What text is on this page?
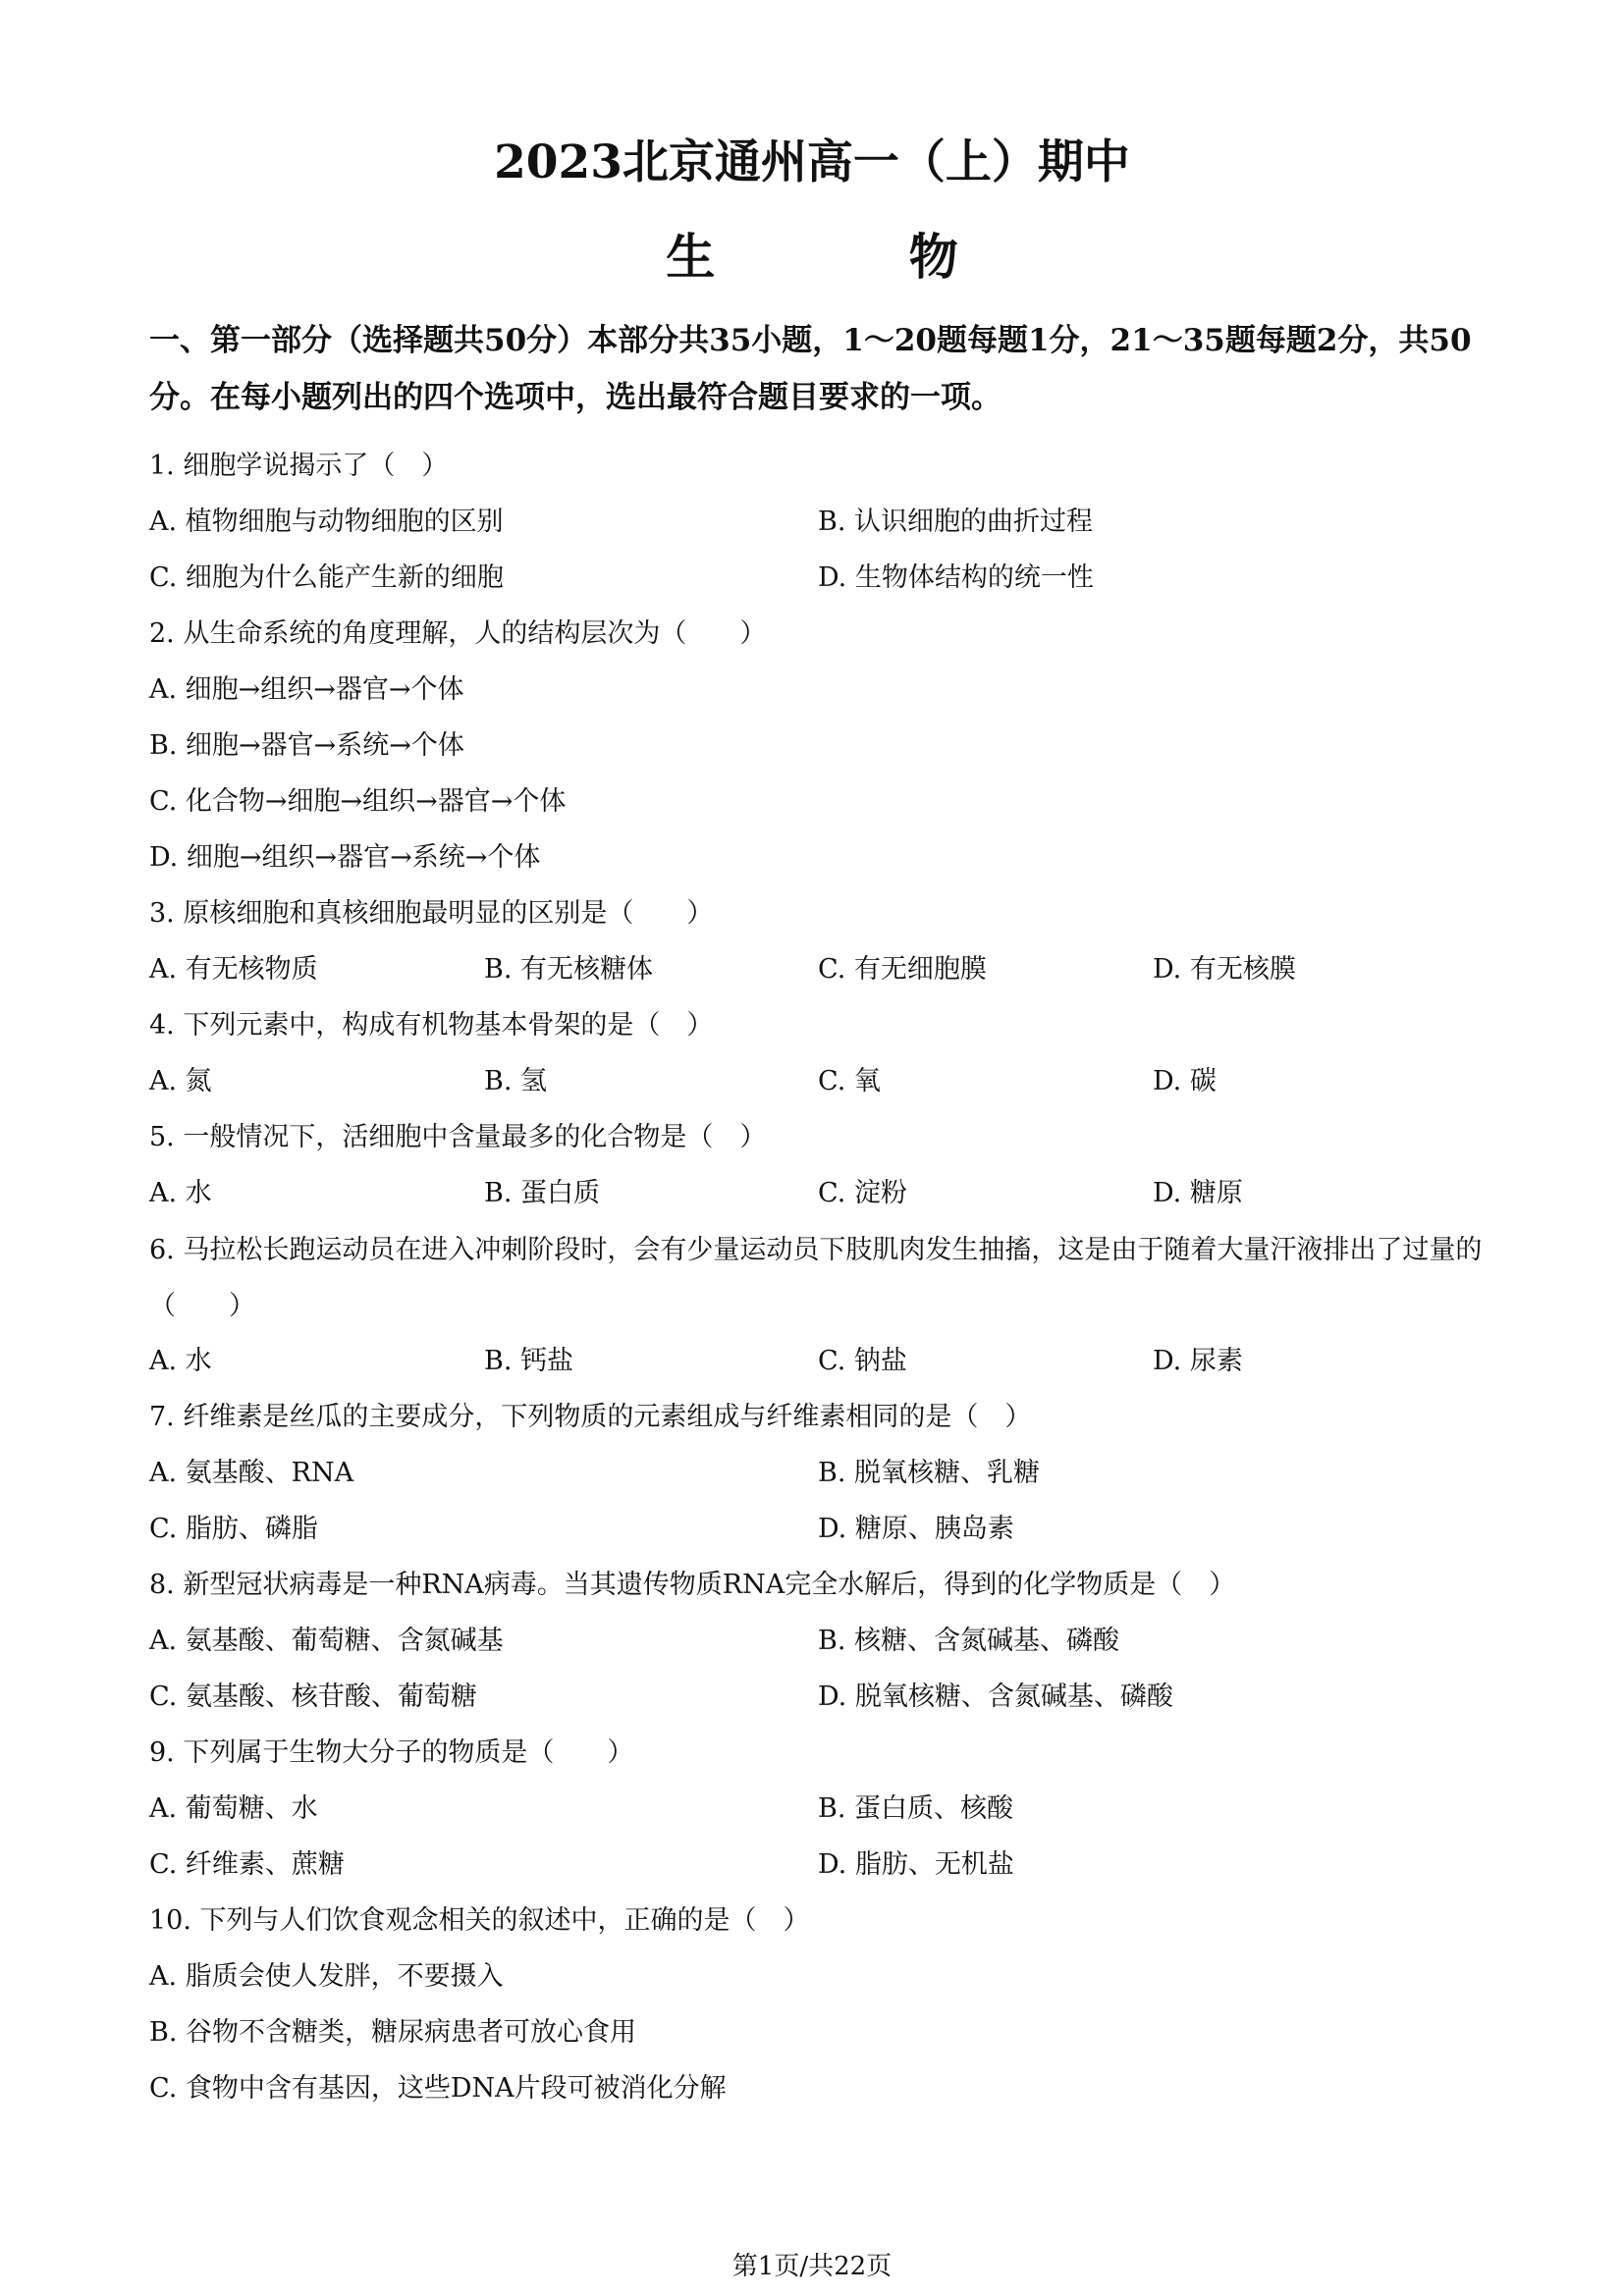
2023北京通州高一（上）期中
生 物
一、第一部分（选择题共50分）本部分共35小题，1～20题每题1分，21～35题每题2分，共50分。在每小题列出的四个选项中，选出最符合题目要求的一项。
1. 细胞学说揭示了（　）
A. 植物细胞与动物细胞的区别	B. 认识细胞的曲折过程
C. 细胞为什么能产生新的细胞	D. 生物体结构的统一性
2. 从生命系统的角度理解，人的结构层次为（　　）
A. 细胞→组织→器官→个体
B. 细胞→器官→系统→个体
C. 化合物→细胞→组织→器官→个体
D. 细胞→组织→器官→系统→个体
3. 原核细胞和真核细胞最明显的区别是（　　）
A. 有无核物质	B. 有无核糖体	C. 有无细胞膜	D. 有无核膜
4. 下列元素中，构成有机物基本骨架的是（　）
A. 氮	B. 氢	C. 氧	D. 碳
5. 一般情况下，活细胞中含量最多的化合物是（　）
A. 水	B. 蛋白质	C. 淀粉	D. 糖原
6. 马拉松长跑运动员在进入冲刺阶段时，会有少量运动员下肢肌肉发生抽搐，这是由于随着大量汗液排出了过量的（　　）
A. 水	B. 钙盐	C. 钠盐	D. 尿素
7. 纤维素是丝瓜的主要成分，下列物质的元素组成与纤维素相同的是（　）
A. 氨基酸、RNA	B. 脱氧核糖、乳糖
C. 脂肪、磷脂	D. 糖原、胰岛素
8. 新型冠状病毒是一种RNA病毒。当其遗传物质RNA完全水解后，得到的化学物质是（　）
A. 氨基酸、葡萄糖、含氮碱基	B. 核糖、含氮碱基、磷酸
C. 氨基酸、核苷酸、葡萄糖	D. 脱氧核糖、含氮碱基、磷酸
9. 下列属于生物大分子的物质是（　　）
A. 葡萄糖、水	B. 蛋白质、核酸
C. 纤维素、蔗糖	D. 脂肪、无机盐
10. 下列与人们饮食观念相关的叙述中，正确的是（　）
A. 脂质会使人发胖，不要摄入
B. 谷物不含糖类，糖尿病患者可放心食用
C. 食物中含有基因，这些DNA片段可被消化分解
第1页/共22页
